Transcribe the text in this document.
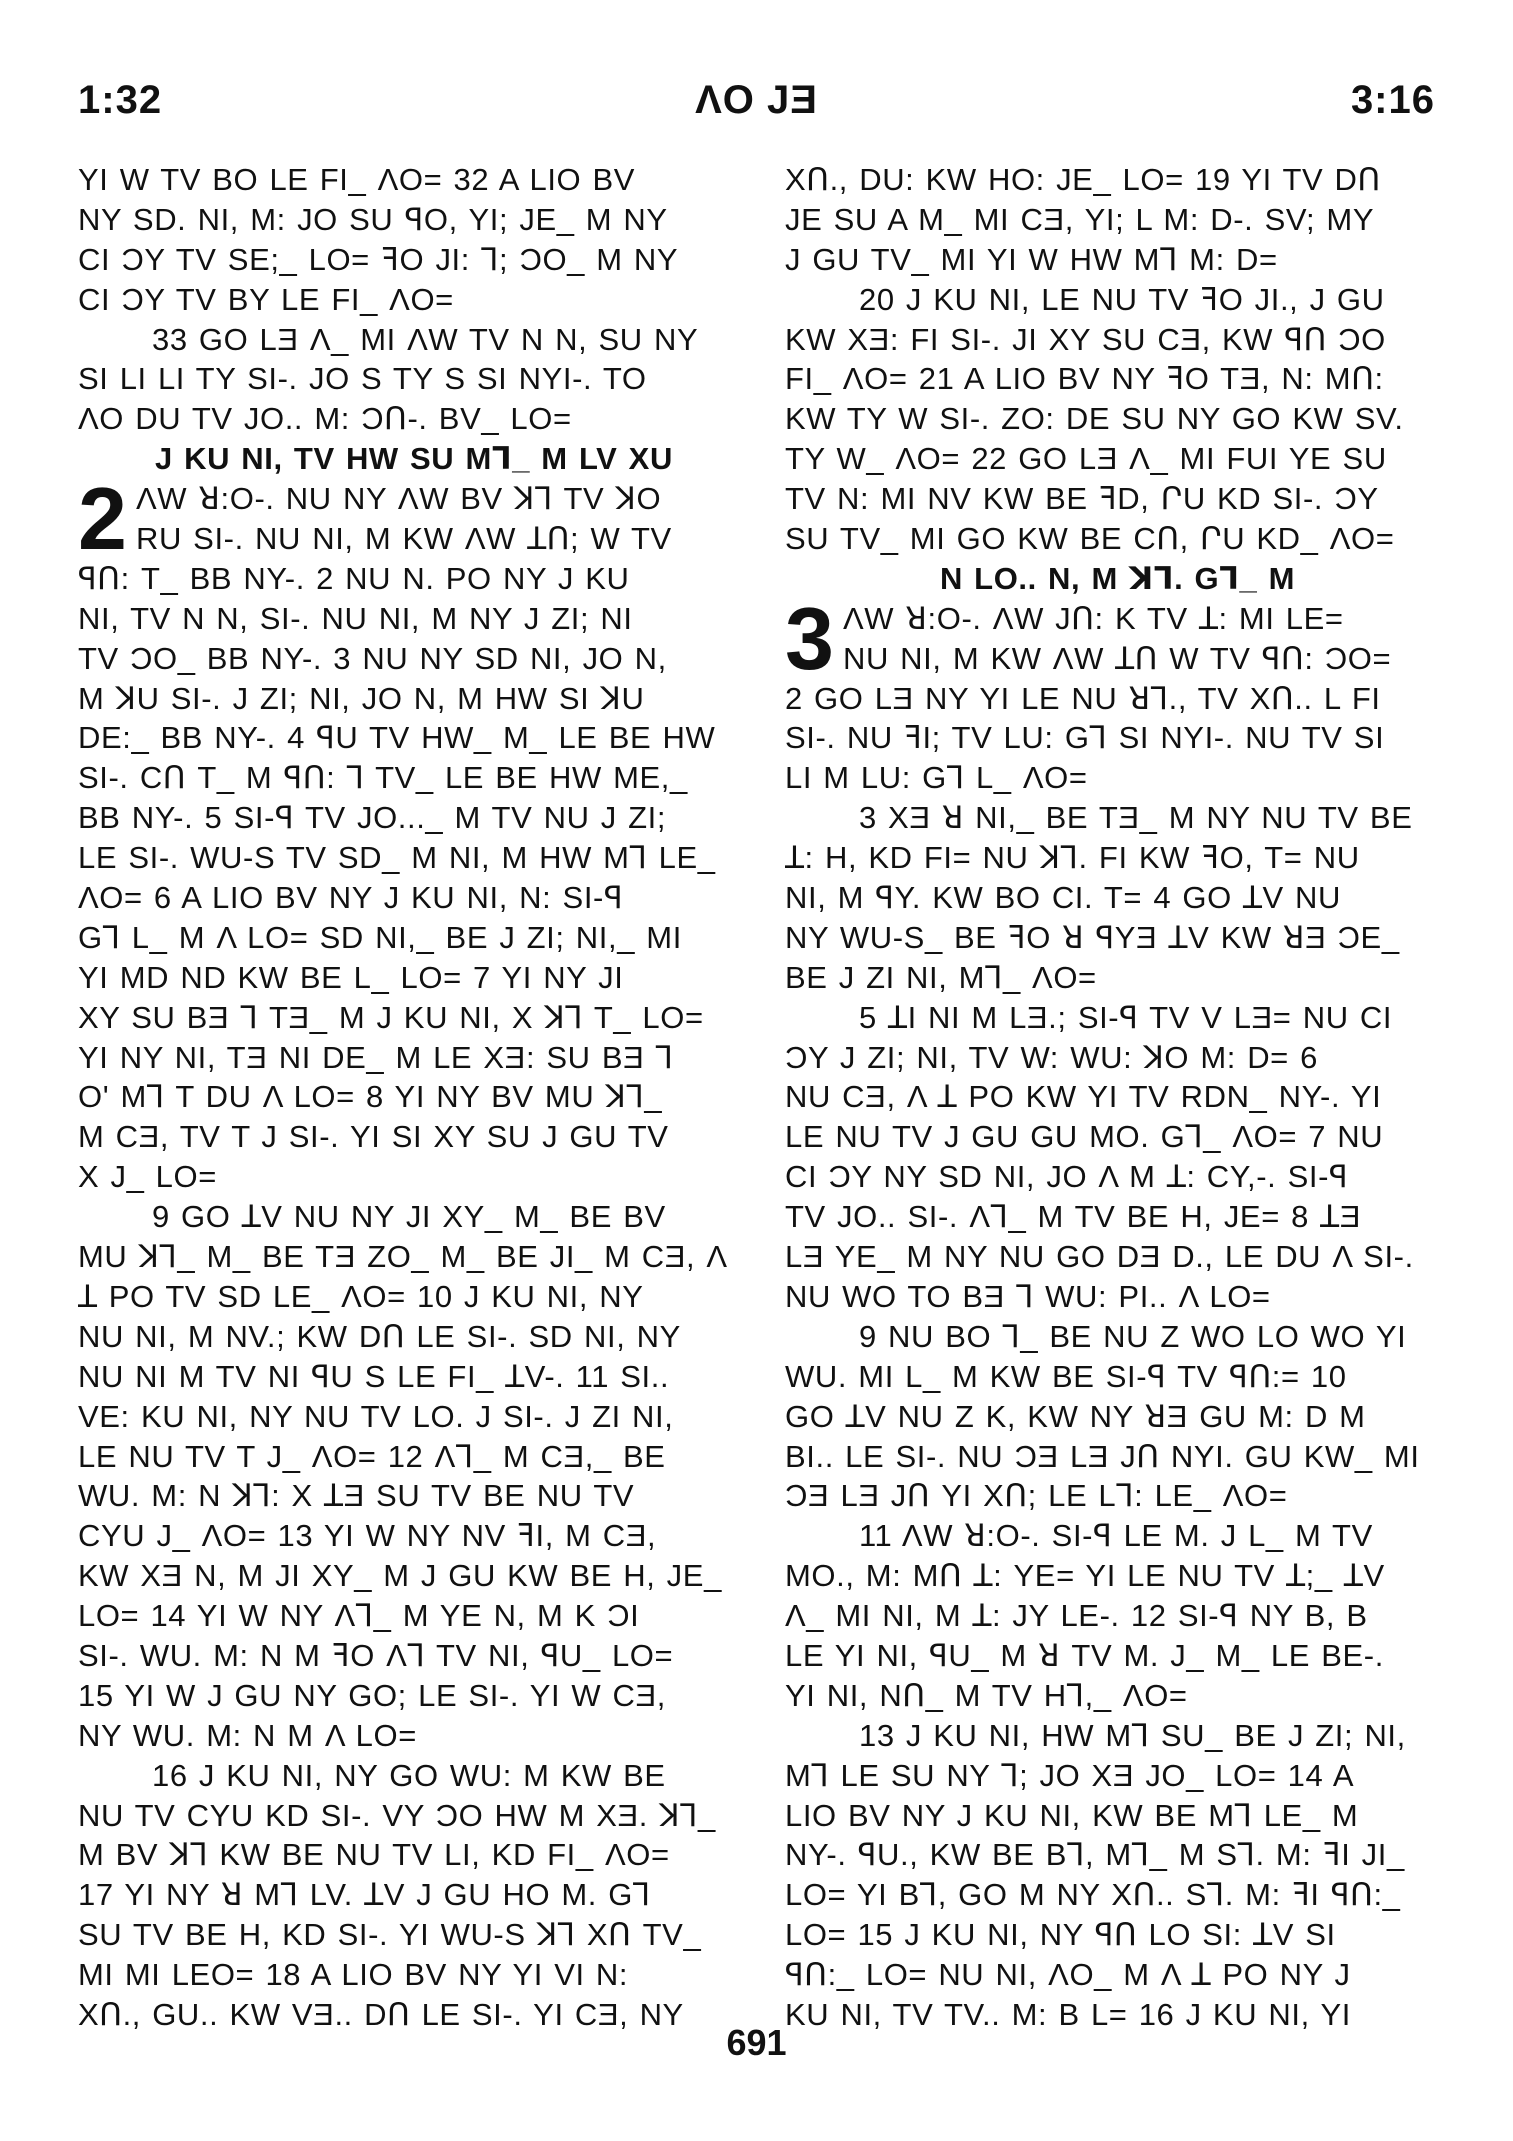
1:32	ΛO JƎ	3:16
YI W TV BO LE FI_ ΛO= 32 A LIO BV
NY SD. NI, M: JO SU ꟼO, YI; JE_ M NY
CI ƆY TV SE;_ LO= ꟻO JI: Ꞁ; ƆO_ M NY
CI ƆY TV BY LE FI_ ΛO=
33 GO LƎ Λ_ MI ΛW TV N N, SU NY
SI LI LI TY SI-. JO S TY S SI NYI-. TO
ΛO DU TV JO.. M: ƆՈ-. BV_ LO=
J KU NI, TV HW SU MꞀ_ M LV XU
2 ΛW ꓤ:O-. NU NY ΛW BV ꓘꞀ TV ꓘO
RU SI-. NU NI, M KW ΛW ꓕՈ; W TV
ꟼՈ: T_ BB NY-. 2 NU N. PO NY J KU
NI, TV N N, SI-. NU NI, M NY J ZI; NI
TV ƆO_ BB NY-. 3 NU NY SD NI, JO N,
M ꓘU SI-. J ZI; NI, JO N, M HW SI ꓘU
DE:_ BB NY-. 4 ꟼU TV HW_ M_ LE BE HW
SI-. CՈ T_ M ꟼՈ: Ꞁ TV_ LE BE HW ME,_
BB NY-. 5 SI-ꟼ TV JO..._ M TV NU J ZI;
LE SI-. WU-S TV SD_ M NI, M HW MꞀ LE_
ΛO= 6 A LIO BV NY J KU NI, N: SI-ꟼ
GꞀ L_ M Λ LO= SD NI,_ BE J ZI; NI,_ MI
YI MD ND KW BE L_ LO= 7 YI NY JI
XY SU BƎ Ꞁ TƎ_ M J KU NI, X ꓘꞀ T_ LO=
YI NY NI, TƎ NI DE_ M LE XƎ: SU BƎ Ꞁ
O' MꞀ T DU Λ LO= 8 YI NY BV MU ꓘꞀ_
M CƎ, TV T J SI-. YI SI XY SU J GU TV
X J_ LO=
9 GO ꓕV NU NY JI XY_ M_ BE BV
MU ꓘꞀ_ M_ BE TƎ ZO_ M_ BE JI_ M CƎ, Λ
ꓕ PO TV SD LE_ ΛO= 10 J KU NI, NY
NU NI, M NV.; KW DՈ LE SI-. SD NI, NY
NU NI M TV NI ꟼU S LE FI_ ꓕV-. 11 SI..
VE: KU NI, NY NU TV LO. J SI-. J ZI NI,
LE NU TV T J_ ΛO= 12 ΛꞀ_ M CƎ,_ BE
WU. M: N ꓘꞀ: X ꓕƎ SU TV BE NU TV
CYU J_ ΛO= 13 YI W NY NV ꟻI, M CƎ,
KW XƎ N, M JI XY_ M J GU KW BE H, JE_
LO= 14 YI W NY ΛꞀ_ M YE N, M K ƆI
SI-. WU. M: N M ꟻO ΛꞀ TV NI, ꟼU_ LO=
15 YI W J GU NY GO; LE SI-. YI W CƎ,
NY WU. M: N M Λ LO=
16 J KU NI, NY GO WU: M KW BE
NU TV CYU KD SI-. VY ƆO HW M XƎ. ꓘꞀ_
M BV ꓘꞀ KW BE NU TV LI, KD FI_ ΛO=
17 YI NY ꓤ MꞀ LV. ꓕV J GU HO M. GꞀ
SU TV BE H, KD SI-. YI WU-S ꓘꞀ XՈ TV_
MI MI LEO= 18 A LIO BV NY YI VI N:
XՈ., GU.. KW VƎ.. DՈ LE SI-. YI CƎ, NY
XՈ., DU: KW HO: JE_ LO= 19 YI TV DՈ
JE SU A M_ MI CƎ, YI; L M: D-. SV; MY
J GU TV_ MI YI W HW MꞀ M: D=
20 J KU NI, LE NU TV ꟻO JI., J GU
KW XƎ: FI SI-. JI XY SU CƎ, KW ꟼՈ ƆO
FI_ ΛO= 21 A LIO BV NY ꟻO TƎ, N: MՈ:
KW TY W SI-. ZO: DE SU NY GO KW SV.
TY W_ ΛO= 22 GO LƎ Λ_ MI FUI YE SU
TV N: MI NV KW BE ꟻD, ՐU KD SI-. ƆY
SU TV_ MI GO KW BE CՈ, ՐU KD_ ΛO=
N LO.. N, M ꓘꞀ. GꞀ_ M
3 ΛW ꓤ:O-. ΛW JՈ: K TV ꓕ: MI LE=
NU NI, M KW ΛW ꓕՈ W TV ꟼՈ: ƆO=
2 GO LƎ NY YI LE NU ꓤꞀ., TV XՈ.. L FI
SI-. NU ꟻI; TV LU: GꞀ SI NYI-. NU TV SI
LI M LU: GꞀ L_ ΛO=
3 XƎ ꓤ NI,_ BE TƎ_ M NY NU TV BE
ꓕ: H, KD FI= NU ꓘꞀ. FI KW ꟻO, T= NU
NI, M ꟼY. KW BO CI. T= 4 GO ꓕV NU
NY WU-S_ BE ꟻO ꓤ ꟼYƎ ꓕV KW ꓤƎ ƆE_
BE J ZI NI, MꞀ_ ΛO=
5 ꓕI NI M LƎ.; SI-ꟼ TV V LƎ= NU CI
ƆY J ZI; NI, TV W: WU: ꓘO M: D= 6
NU CƎ, Λ ꓕ PO KW YI TV RDN_ NY-. YI
LE NU TV J GU GU MO. GꞀ_ ΛO= 7 NU
CI ƆY NY SD NI, JO Λ M ꓕ: CY,-. SI-ꟼ
TV JO.. SI-. ΛꞀ_ M TV BE H, JE= 8 ꓕƎ
LƎ YE_ M NY NU GO DƎ D., LE DU Λ SI-.
NU WO TO BƎ Ꞁ WU: PI.. Λ LO=
9 NU BO Ꞁ_ BE NU Z WO LO WO YI
WU. MI L_ M KW BE SI-ꟼ TV ꟼՈ:= 10
GO ꓕV NU Z K, KW NY ꓤƎ GU M: D M
BI.. LE SI-. NU ƆƎ LƎ JՈ NYI. GU KW_ MI
ƆƎ LƎ JՈ YI XՈ; LE LꞀ: LE_ ΛO=
11 ΛW ꓤ:O-. SI-ꟼ LE M. J L_ M TV
MO., M: MՈ ꓕ: YE= YI LE NU TV ꓕ;_ ꓕV
Λ_ MI NI, M ꓕ: JY LE-. 12 SI-ꟼ NY B, B
LE YI NI, ꟼU_ M ꓤ TV M. J_ M_ LE BE-.
YI NI, NՈ_ M TV HꞀ,_ ΛO=
13 J KU NI, HW MꞀ SU_ BE J ZI; NI,
MꞀ LE SU NY Ꞁ; JO XƎ JO_ LO= 14 A
LIO BV NY J KU NI, KW BE MꞀ LE_ M
NY-. ꟼU., KW BE BꞀ, MꞀ_ M SꞀ. M: ꟻI JI_
LO= YI BꞀ, GO M NY XՈ.. SꞀ. M: ꟻI ꟼՈ:_
LO= 15 J KU NI, NY ꟼՈ LO SI: ꓕV SI
ꟼՈ:_ LO= NU NI, ΛO_ M Λ ꓕ PO NY J
KU NI, TV TV.. M: B L= 16 J KU NI, YI
691
